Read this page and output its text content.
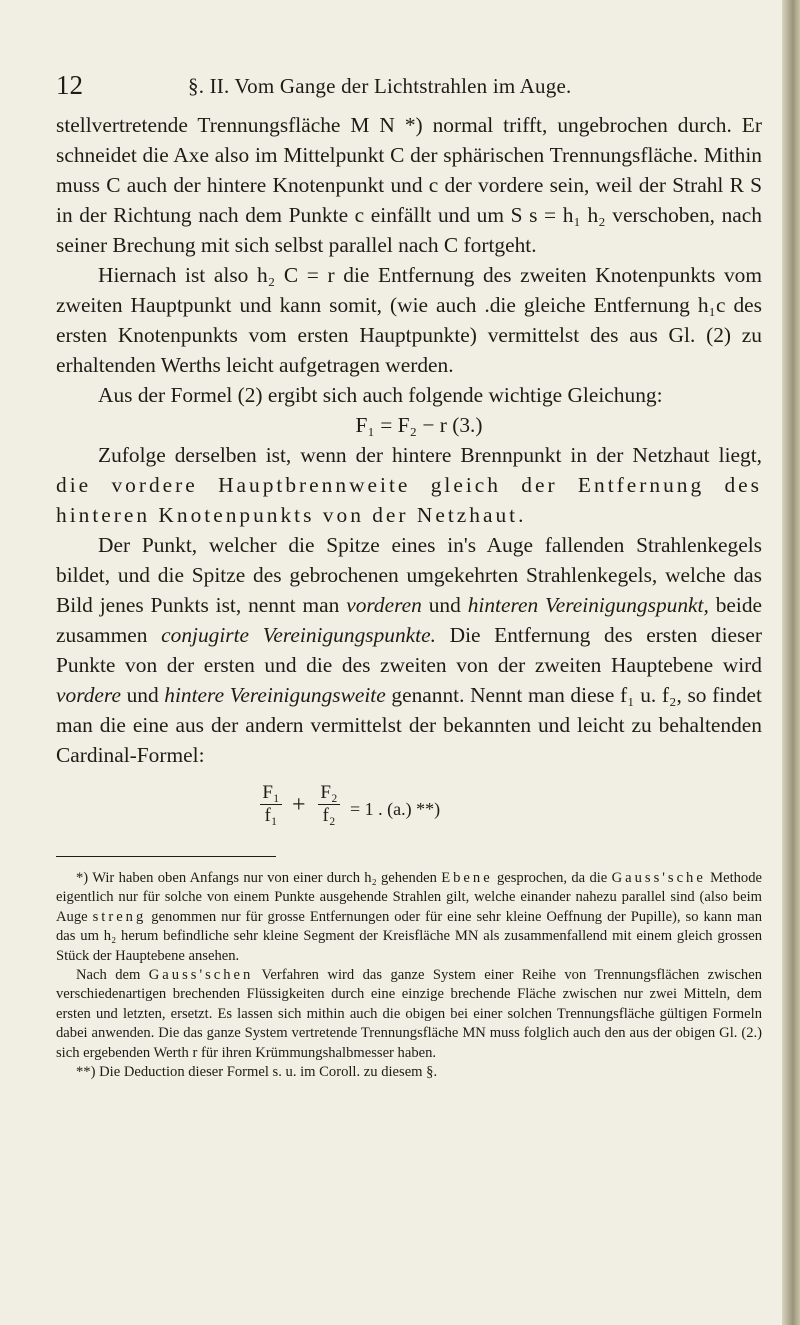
12	§. II. Vom Gange der Lichtstrahlen im Auge.

stellvertretende Trennungsfläche M N *) normal trifft, ungebrochen durch. Er schneidet die Axe also im Mittelpunkt C der sphärischen Trennungsfläche. Mithin muss C auch der hintere Knotenpunkt und c der vordere sein, weil der Strahl R S in der Richtung nach dem Punkte c einfällt und um S s = h₁ h₂ verschoben, nach seiner Brechung mit sich selbst parallel nach C fortgeht.

Hiernach ist also h₂ C = r die Entfernung des zweiten Knotenpunkts vom zweiten Hauptpunkt und kann somit, (wie auch .die gleiche Entfernung h₁c des ersten Knotenpunkts vom ersten Hauptpunkte) vermittelst des aus Gl. (2) zu erhaltenden Werths leicht aufgetragen werden.

Aus der Formel (2) ergibt sich auch folgende wichtige Gleichung:

F₁ = F₂ − r (3.)

Zufolge derselben ist, wenn der hintere Brennpunkt in der Netzhaut liegt, die vordere Hauptbrennweite gleich der Entfernung des hinteren Knotenpunkts von der Netzhaut.

Der Punkt, welcher die Spitze eines in's Auge fallenden Strahlenkegels bildet, und die Spitze des gebrochenen umgekehrten Strahlenkegels, welche das Bild jenes Punkts ist, nennt man vorderen und hinteren Vereinigungspunkt, beide zusammen conjugirte Vereinigungspunkte. Die Entfernung des ersten dieser Punkte von der ersten und die des zweiten von der zweiten Hauptebene wird vordere und hintere Vereinigungsweite genannt. Nennt man diese f₁ u. f₂, so findet man die eine aus der andern vermittelst der bekannten und leicht zu behaltenden Cardinal-Formel:

F₁
f₁ + F₂
f₂ = 1 . (a.) **)

*) Wir haben oben Anfangs nur von einer durch h₂ gehenden Ebene gesprochen, da die Gauss'sche Methode eigentlich nur für solche von einem Punkte ausgehende Strahlen gilt, welche einander nahezu parallel sind (also beim Auge streng genommen nur für grosse Entfernungen oder für eine sehr kleine Oeffnung der Pupille), so kann man das um h₂ herum befindliche sehr kleine Segment der Kreisfläche MN als zusammenfallend mit einem gleich grossen Stück der Hauptebene ansehen.

Nach dem Gauss'schen Verfahren wird das ganze System einer Reihe von Trennungsflächen zwischen verschiedenartigen brechenden Flüssigkeiten durch eine einzige brechende Fläche zwischen nur zwei Mitteln, dem ersten und letzten, ersetzt. Es lassen sich mithin auch die obigen bei einer solchen Trennungsfläche gültigen Formeln dabei anwenden. Die das ganze System vertretende Trennungsfläche MN muss folglich auch den aus der obigen Gl. (2.) sich ergebenden Werth r für ihren Krümmungshalbmesser haben.

**) Die Deduction dieser Formel s. u. im Coroll. zu diesem §.
